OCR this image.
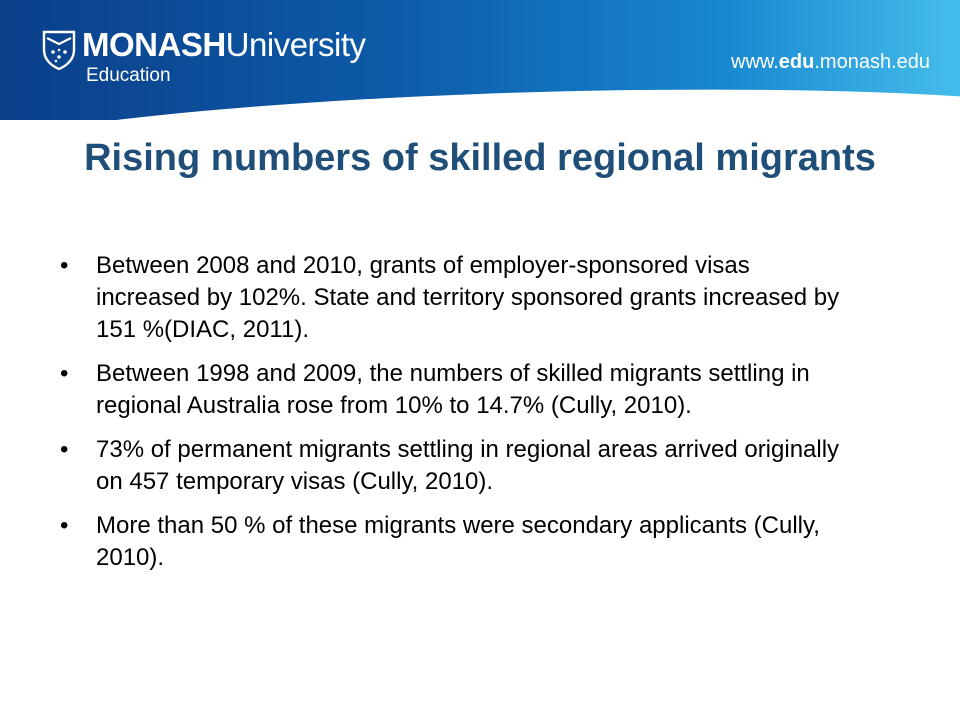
MONASHUniversity
Education
www.edu.monash.edu
Rising numbers of skilled regional migrants
• Between 2008 and 2010, grants of employer-sponsored visas increased by 102%. State and territory sponsored grants increased by 151 %(DIAC, 2011).
• Between 1998 and 2009, the numbers of skilled migrants settling in regional Australia rose from 10% to 14.7% (Cully, 2010).
• 73% of permanent migrants settling in regional areas arrived originally on 457 temporary visas (Cully, 2010).
• More than 50 % of these migrants were secondary applicants (Cully, 2010).
